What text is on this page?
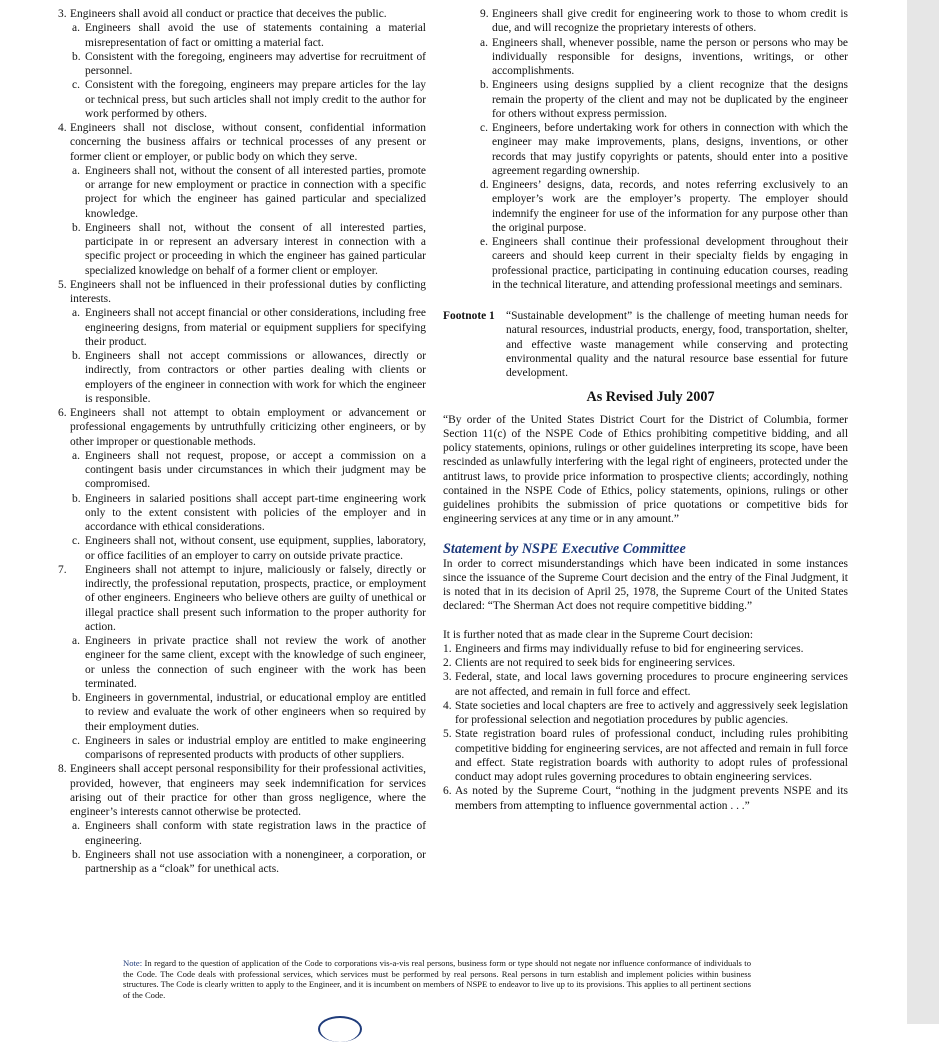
3. Engineers shall avoid all conduct or practice that deceives the public.
a. Engineers shall avoid the use of statements containing a material misrepresentation of fact or omitting a material fact.
b. Consistent with the foregoing, engineers may advertise for recruitment of personnel.
c. Consistent with the foregoing, engineers may prepare articles for the lay or technical press, but such articles shall not imply credit to the author for work performed by others.
4. Engineers shall not disclose, without consent, confidential information concerning the business affairs or technical processes of any present or former client or employer, or public body on which they serve.
a. Engineers shall not, without the consent of all interested parties, promote or arrange for new employment or practice in connection with a specific project for which the engineer has gained particular and specialized knowledge.
b. Engineers shall not, without the consent of all interested parties, participate in or represent an adversary interest in connection with a specific project or proceeding in which the engineer has gained particular specialized knowledge on behalf of a former client or employer.
5. Engineers shall not be influenced in their professional duties by conflicting interests.
a. Engineers shall not accept financial or other considerations, including free engineering designs, from material or equipment suppliers for specifying their product.
b. Engineers shall not accept commissions or allowances, directly or indirectly, from contractors or other parties dealing with clients or employers of the engineer in connection with work for which the engineer is responsible.
6. Engineers shall not attempt to obtain employment or advancement or professional engagements by untruthfully criticizing other engineers, or by other improper or questionable methods.
a. Engineers shall not request, propose, or accept a commission on a contingent basis under circumstances in which their judgment may be compromised.
b. Engineers in salaried positions shall accept part-time engineering work only to the extent consistent with policies of the employer and in accordance with ethical considerations.
c. Engineers shall not, without consent, use equipment, supplies, laboratory, or office facilities of an employer to carry on outside private practice.
7. Engineers shall not attempt to injure, maliciously or falsely, directly or indirectly, the professional reputation, prospects, practice, or employment of other engineers. Engineers who believe others are guilty of unethical or illegal practice shall present such information to the proper authority for action.
a. Engineers in private practice shall not review the work of another engineer for the same client, except with the knowledge of such engineer, or unless the connection of such engineer with the work has been terminated.
b. Engineers in governmental, industrial, or educational employ are entitled to review and evaluate the work of other engineers when so required by their employment duties.
c. Engineers in sales or industrial employ are entitled to make engineering comparisons of represented products with products of other suppliers.
8. Engineers shall accept personal responsibility for their professional activities, provided, however, that engineers may seek indemnification for services arising out of their practice for other than gross negligence, where the engineer’s interests cannot otherwise be protected.
a. Engineers shall conform with state registration laws in the practice of engineering.
b. Engineers shall not use association with a nonengineer, a corporation, or partnership as a “cloak” for unethical acts.
9. Engineers shall give credit for engineering work to those to whom credit is due, and will recognize the proprietary interests of others.
a. Engineers shall, whenever possible, name the person or persons who may be individually responsible for designs, inventions, writings, or other accomplishments.
b. Engineers using designs supplied by a client recognize that the designs remain the property of the client and may not be duplicated by the engineer for others without express permission.
c. Engineers, before undertaking work for others in connection with which the engineer may make improvements, plans, designs, inventions, or other records that may justify copyrights or patents, should enter into a positive agreement regarding ownership.
d. Engineers’ designs, data, records, and notes referring exclusively to an employer’s work are the employer’s property. The employer should indemnify the engineer for use of the information for any purpose other than the original purpose.
e. Engineers shall continue their professional development throughout their careers and should keep current in their specialty fields by engaging in professional practice, participating in continuing education courses, reading in the technical literature, and attending professional meetings and seminars.
Footnote 1 “Sustainable development” is the challenge of meeting human needs for natural resources, industrial products, energy, food, transportation, shelter, and effective waste management while conserving and protecting environmental quality and the natural resource base essential for future development.
As Revised July 2007
“By order of the United States District Court for the District of Columbia, former Section 11(c) of the NSPE Code of Ethics prohibiting competitive bidding, and all policy statements, opinions, rulings or other guidelines interpreting its scope, have been rescinded as unlawfully interfering with the legal right of engineers, protected under the antitrust laws, to provide price information to prospective clients; accordingly, nothing contained in the NSPE Code of Ethics, policy statements, opinions, rulings or other guidelines prohibits the submission of price quotations or competitive bids for engineering services at any time or in any amount.”
Statement by NSPE Executive Committee
In order to correct misunderstandings which have been indicated in some instances since the issuance of the Supreme Court decision and the entry of the Final Judgment, it is noted that in its decision of April 25, 1978, the Supreme Court of the United States declared: “The Sherman Act does not require competitive bidding.”
It is further noted that as made clear in the Supreme Court decision:
1. Engineers and firms may individually refuse to bid for engineering services.
2. Clients are not required to seek bids for engineering services.
3. Federal, state, and local laws governing procedures to procure engineering services are not affected, and remain in full force and effect.
4. State societies and local chapters are free to actively and aggressively seek legislation for professional selection and negotiation procedures by public agencies.
5. State registration board rules of professional conduct, including rules prohibiting competitive bidding for engineering services, are not affected and remain in full force and effect. State registration boards with authority to adopt rules of professional conduct may adopt rules governing procedures to obtain engineering services.
6. As noted by the Supreme Court, “nothing in the judgment prevents NSPE and its members from attempting to influence governmental action . . .”
Note: In regard to the question of application of the Code to corporations vis-a-vis real persons, business form or type should not negate nor influence conformance of individuals to the Code. The Code deals with professional services, which services must be performed by real persons. Real persons in turn establish and implement policies within business structures. The Code is clearly written to apply to the Engineer, and it is incumbent on members of NSPE to endeavor to live up to its provisions. This applies to all pertinent sections of the Code.
